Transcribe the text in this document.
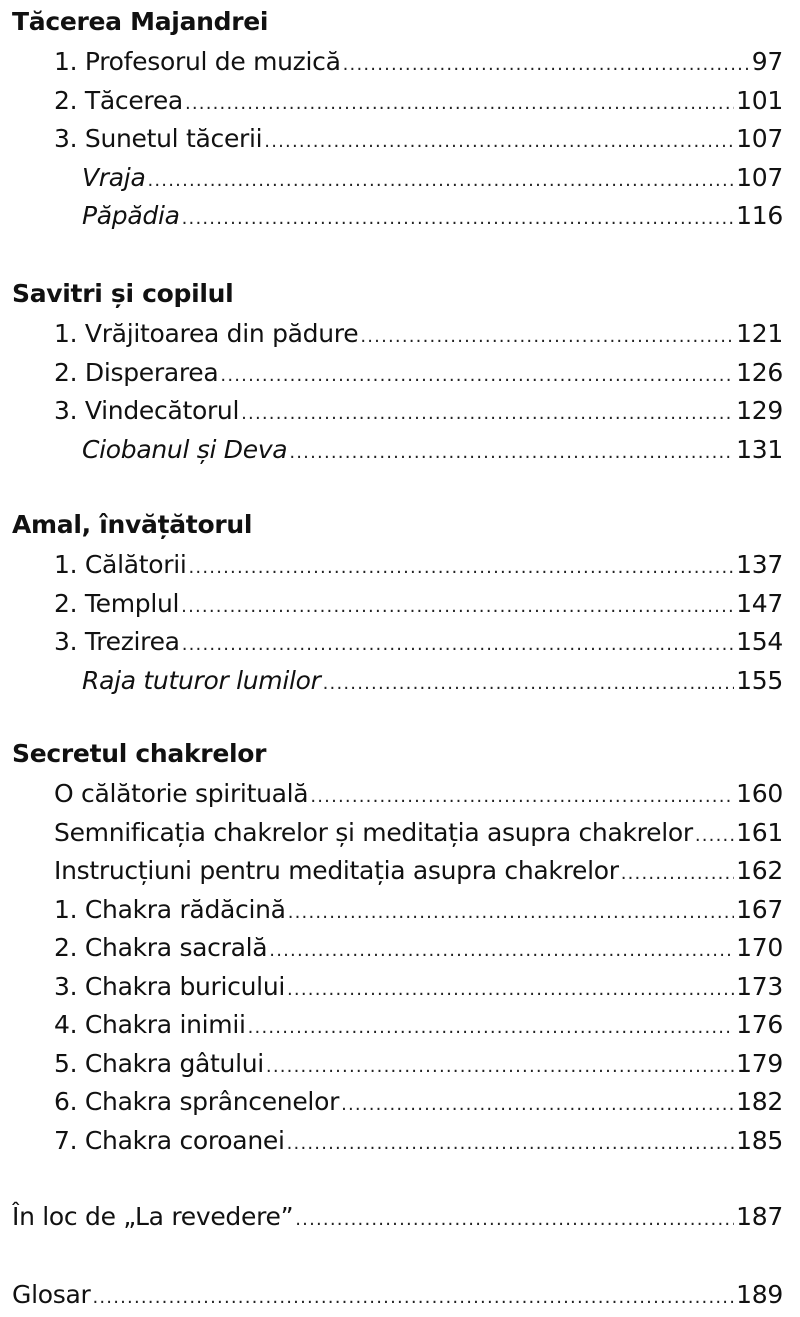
Tăcerea Majandrei
1. Profesorul de muzică .....	97
2. Tăcerea .....	101
3. Sunetul tăcerii .....	107
Vraja .....	107
Păpădia .....	116
Savitri și copilul
1. Vrăjitoarea din pădure .....	121
2. Disperarea .....	126
3. Vindecătorul .....	129
Ciobanul și Deva .....	131
Amal, învățătorul
1. Călătorii .....	137
2. Templul .....	147
3. Trezirea .....	154
Raja tuturor lumilor .....	155
Secretul chakrelor
O călătorie spirituală .....	160
Semnificația chakrelor și meditația asupra chakrelor ..... 161
Instrucțiuni pentru meditația asupra chakrelor .....	162
1. Chakra rădăcină .....	167
2. Chakra sacrală .....	170
3. Chakra buricului .....	173
4. Chakra inimii .....	176
5. Chakra gâtului .....	179
6. Chakra sprâncenelor .....	182
7. Chakra coroanei .....	185
În loc de „La revedere” .....	187
Glosar .....	189
